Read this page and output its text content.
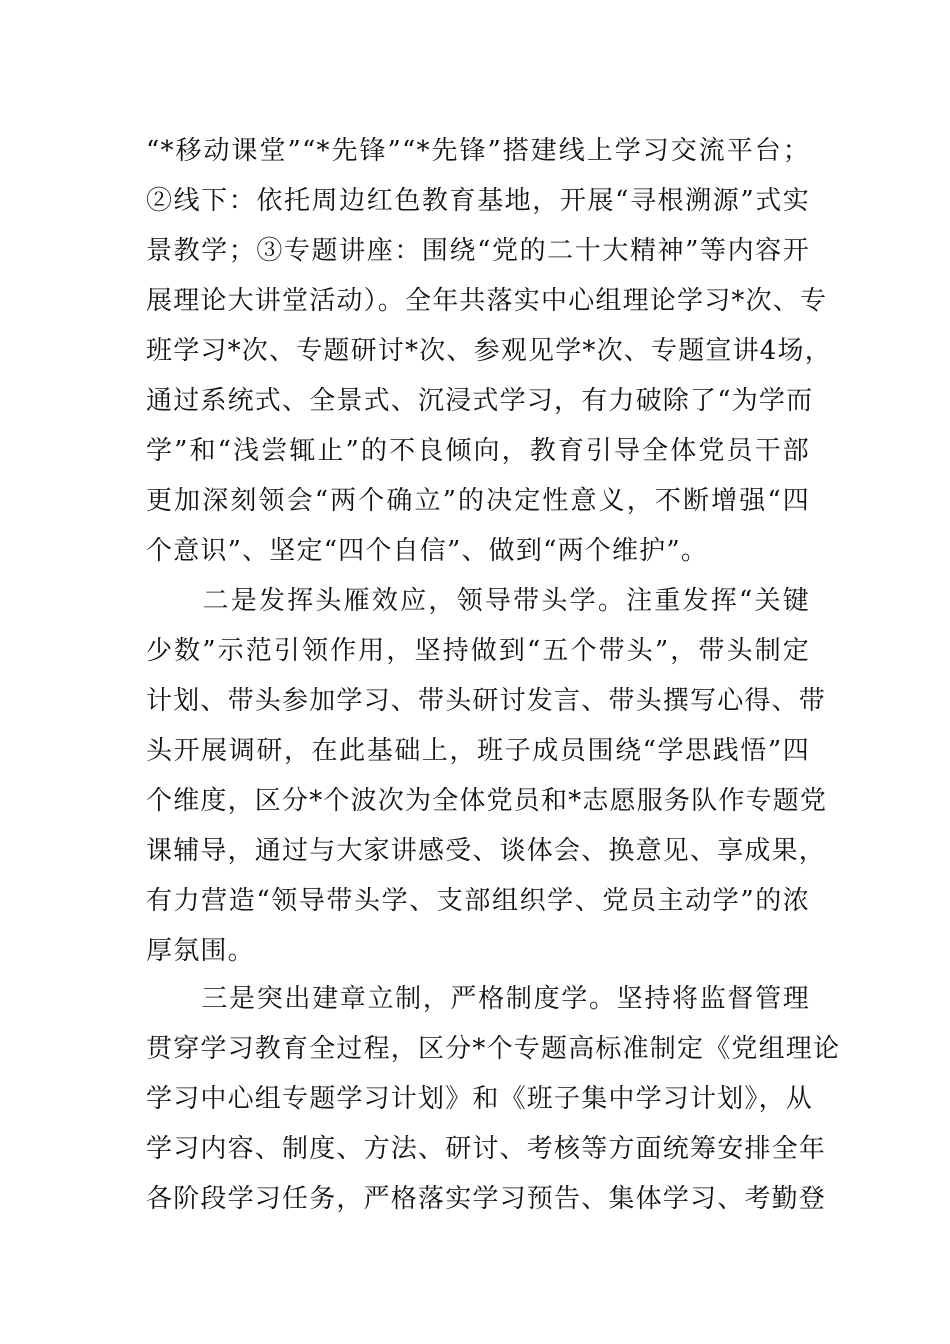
“*移动课堂”“*先锋”“*先锋”搭建线上学习交流平台；
②线下：依托周边红色教育基地，开展“寻根溯源”式实
景教学；③专题讲座：围绕“党的二十大精神”等内容开
展理论大讲堂活动）。全年共落实中心组理论学习*次、专
班学习*次、专题研讨*次、参观见学*次、专题宣讲4场，
通过系统式、全景式、沉浸式学习，有力破除了“为学而
学”和“浅尝辄止”的不良倾向，教育引导全体党员干部
更加深刻领会“两个确立”的决定性意义，不断增强“四
个意识”、坚定“四个自信”、做到“两个维护”。
　　二是发挥头雁效应，领导带头学。注重发挥“关键
少数”示范引领作用，坚持做到“五个带头”，带头制定
计划、带头参加学习、带头研讨发言、带头撰写心得、带
头开展调研，在此基础上，班子成员围绕“学思践悟”四
个维度，区分*个波次为全体党员和*志愿服务队作专题党
课辅导，通过与大家讲感受、谈体会、换意见、享成果，
有力营造“领导带头学、支部组织学、党员主动学”的浓
厚氛围。
　　三是突出建章立制，严格制度学。坚持将监督管理
贯穿学习教育全过程，区分*个专题高标准制定《党组理论
学习中心组专题学习计划》和《班子集中学习计划》，从
学习内容、制度、方法、研讨、考核等方面统筹安排全年
各阶段学习任务，严格落实学习预告、集体学习、考勤登
